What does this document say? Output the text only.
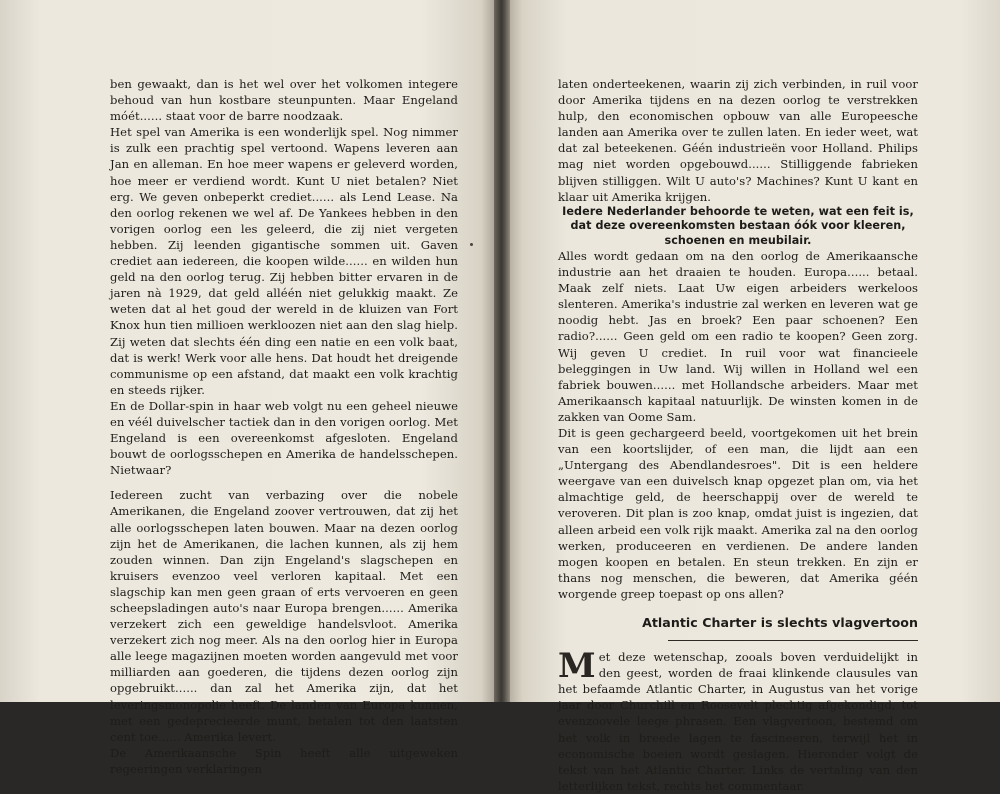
ben gewaakt, dan is het wel over het volkomen integere behoud van hun kostbare steunpunten. Maar Engeland móét...... staat voor de barre noodzaak.

Het spel van Amerika is een wonderlijk spel. Nog nimmer is zulk een prachtig spel vertoond. Wapens leveren aan Jan en alleman. En hoe meer wapens er geleverd worden, hoe meer er verdiend wordt. Kunt U niet betalen? Niet erg. We geven onbeperkt crediet...... als Lend Lease. Na den oorlog rekenen we wel af. De Yankees hebben in den vorigen oorlog een les geleerd, die zij niet vergeten hebben. Zij leenden gigantische sommen uit. Gaven crediet aan iedereen, die koopen wilde...... en wilden hun geld na den oorlog terug. Zij hebben bitter ervaren in de jaren nà 1929, dat geld alléén niet gelukkig maakt. Ze weten dat al het goud der wereld in de kluizen van Fort Knox hun tien millioen werkloozen niet aan den slag hielp. Zij weten dat slechts één ding een natie en een volk baat, dat is werk! Werk voor alle hens. Dat houdt het dreigende communisme op een afstand, dat maakt een volk krachtig en steeds rijker.

En de Dollar-spin in haar web volgt nu een geheel nieuwe en véél duivelscher tactiek dan in den vorigen oorlog. Met Engeland is een overeenkomst afgesloten. Engeland bouwt de oorlogsschepen en Amerika de handelsschepen. Nietwaar?

Iedereen zucht van verbazing over die nobele Amerikanen, die Engeland zoover vertrouwen, dat zij het alle oorlogsschepen laten bouwen. Maar na dezen oorlog zijn het de Amerikanen, die lachen kunnen, als zij hem zouden winnen. Dan zijn Engeland's slagschepen en kruisers evenzoo veel verloren kapitaal. Met een slagschip kan men geen graan of erts vervoeren en geen scheepsladingen auto's naar Europa brengen...... Amerika verzekert zich een geweldige handelsvloot. Amerika verzekert zich nog meer. Als na den oorlog hier in Europa alle leege magazijnen moeten worden aangevuld met voor milliarden aan goederen, die tijdens dezen oorlog zijn opgebruikt...... dan zal het Amerika zijn, dat het leveringsmonopolie heeft. De landen van Europa kunnen, met een gedeprecieerde munt, betalen tot den laatsten cent toe...... Amerika levert.

De Amerikaansche Spin heeft alle uitgeweken regeeringen verklaringen

laten onderteekenen, waarin zij zich verbinden, in ruil voor door Amerika tijdens en na dezen oorlog te verstrekken hulp, den economischen opbouw van alle Europeesche landen aan Amerika over te zullen laten. En ieder weet, wat dat zal beteekenen. Géén industrieën voor Holland. Philips mag niet worden opgebouwd...... Stilliggende fabrieken blijven stilliggen. Wilt U auto's? Machines? Kunt U kant en klaar uit Amerika krijgen.

Iedere Nederlander behoorde te weten, wat een feit is, dat deze overeenkomsten bestaan óók voor kleeren, schoenen en meubilair.

Alles wordt gedaan om na den oorlog de Amerikaansche industrie aan het draaien te houden. Europa...... betaal. Maak zelf niets. Laat Uw eigen arbeiders werkeloos slenteren. Amerika's industrie zal werken en leveren wat ge noodig hebt. Jas en broek? Een paar schoenen? Een radio?...... Geen geld om een radio te koopen? Geen zorg. Wij geven U crediet. In ruil voor wat financieele beleggingen in Uw land. Wij willen in Holland wel een fabriek bouwen...... met Hollandsche arbeiders. Maar met Amerikaansch kapitaal natuurlijk. De winsten komen in de zakken van Oome Sam.

Dit is geen gechargeerd beeld, voortgekomen uit het brein van een koortslijder, of een man, die lijdt aan een „Untergang des Abendlandesroes". Dit is een heldere weergave van een duivelsch knap opgezet plan om, via het almachtige geld, de heerschappij over de wereld te veroveren. Dit plan is zoo knap, omdat juist is ingezien, dat alleen arbeid een volk rijk maakt. Amerika zal na den oorlog werken, produceeren en verdienen. De andere landen mogen koopen en betalen. En steun trekken. En zijn er thans nog menschen, die beweren, dat Amerika géén worgende greep toepast op ons allen?

Atlantic Charter is slechts vlagvertoon

Met deze wetenschap, zooals boven verduidelijkt in den geest, worden de fraai klinkende clausules van het befaamde Atlantic Charter, in Augustus van het vorige jaar door Churchill en Roosevelt plechtig afgekondigd, tot evenzoovele leege phrasen. Een vlagvertoon, bestemd om het volk in breede lagen te fascineeren, terwijl het in economische boeien wordt geslagen. Hieronder volgt de tekst van het Atlantic Charter. Links de vertaling van den letterlijken tekst, rechts het commentaar.
